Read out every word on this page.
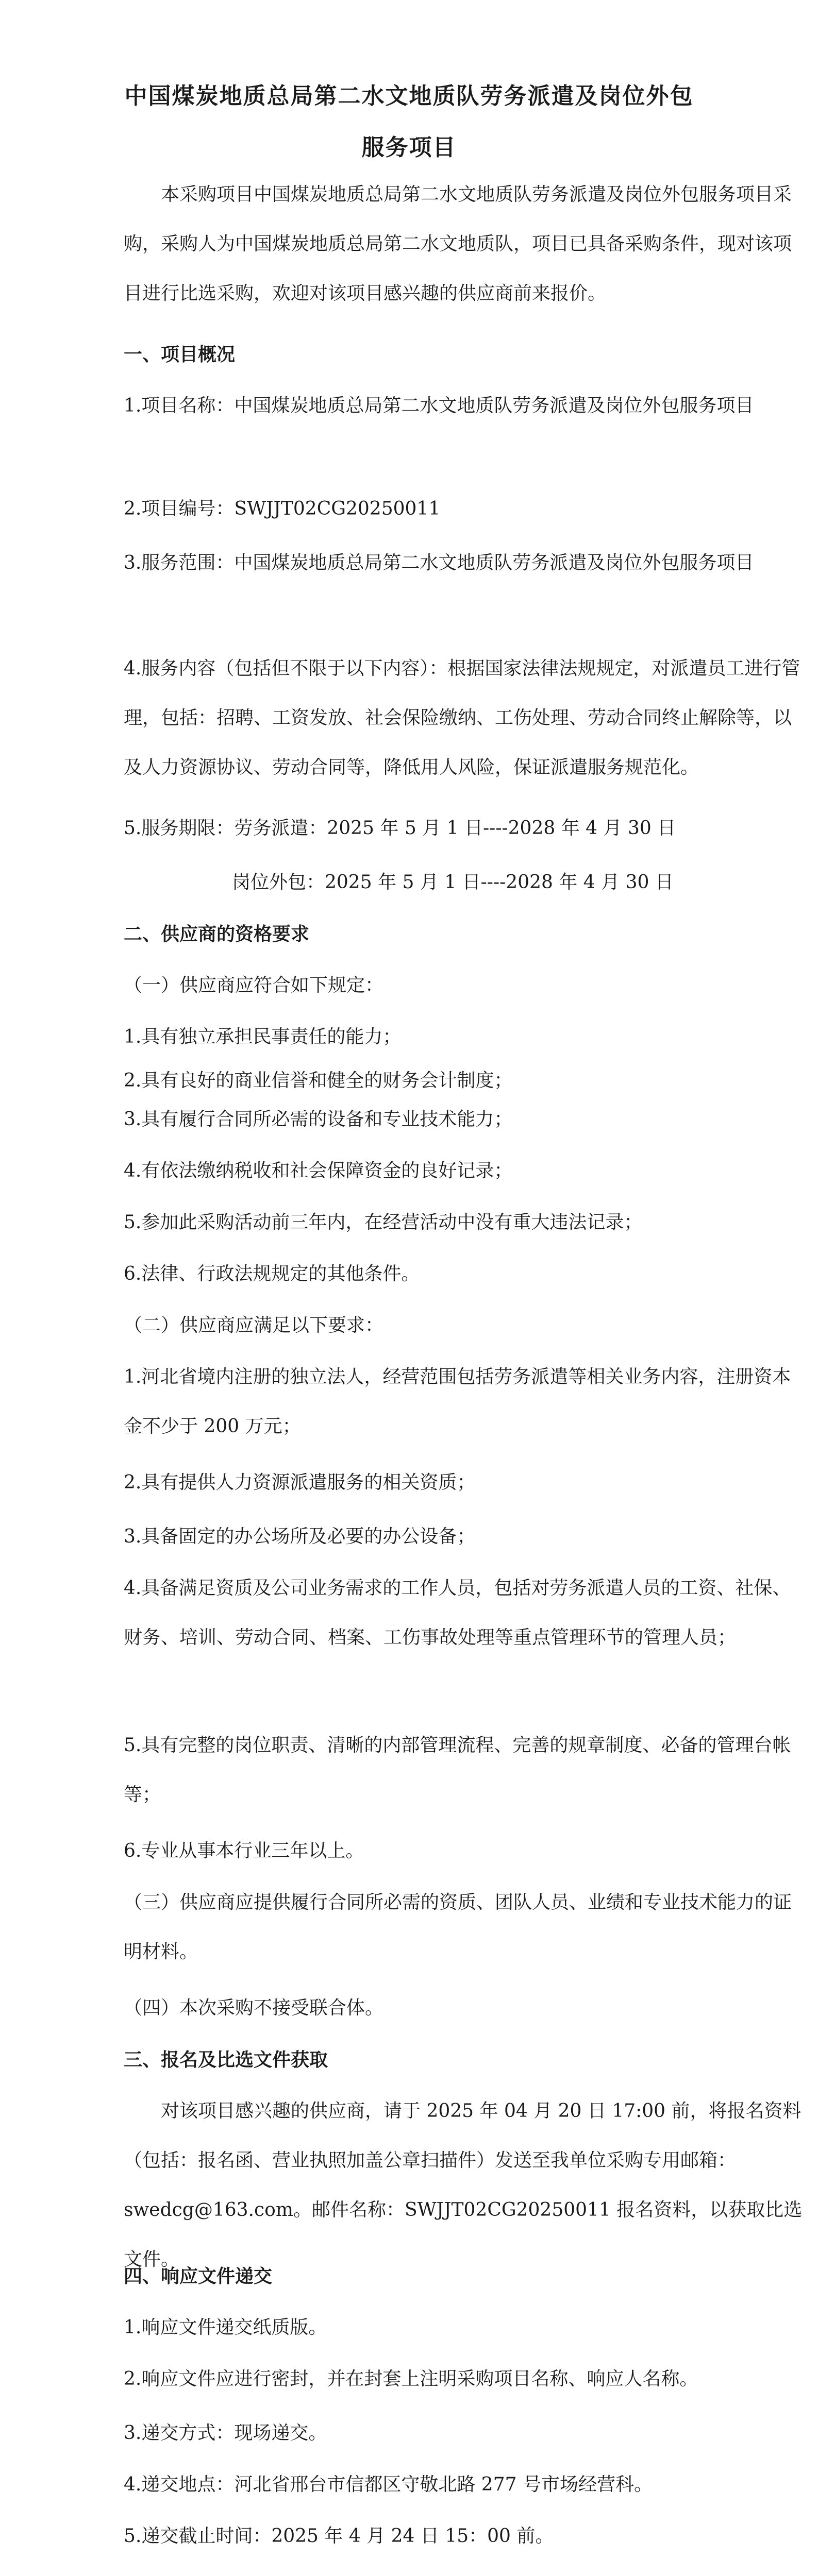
中国煤炭地质总局第二水文地质队劳务派遣及岗位外包
服务项目

本采购项目中国煤炭地质总局第二水文地质队劳务派遣及岗位外包服务项目采购，采购人为中国煤炭地质总局第二水文地质队，项目已具备采购条件，现对该项目进行比选采购，欢迎对该项目感兴趣的供应商前来报价。

一、项目概况

1.项目名称：中国煤炭地质总局第二水文地质队劳务派遣及岗位外包服务项目

2.项目编号：SWJJT02CG20250011

3.服务范围：中国煤炭地质总局第二水文地质队劳务派遣及岗位外包服务项目

4.服务内容（包括但不限于以下内容）：根据国家法律法规规定，对派遣员工进行管理，包括：招聘、工资发放、社会保险缴纳、工伤处理、劳动合同终止解除等，以及人力资源协议、劳动合同等，降低用人风险，保证派遣服务规范化。

5.服务期限：劳务派遣：2025 年 5 月 1 日----2028 年 4 月 30 日

岗位外包：2025 年 5 月 1 日----2028 年 4 月 30 日

二、供应商的资格要求

（一）供应商应符合如下规定：

1.具有独立承担民事责任的能力；

2.具有良好的商业信誉和健全的财务会计制度；

3.具有履行合同所必需的设备和专业技术能力；

4.有依法缴纳税收和社会保障资金的良好记录；

5.参加此采购活动前三年内，在经营活动中没有重大违法记录；

6.法律、行政法规规定的其他条件。

（二）供应商应满足以下要求：

1.河北省境内注册的独立法人，经营范围包括劳务派遣等相关业务内容，注册资本金不少于 200 万元；

2.具有提供人力资源派遣服务的相关资质；

3.具备固定的办公场所及必要的办公设备；

4.具备满足资质及公司业务需求的工作人员，包括对劳务派遣人员的工资、社保、财务、培训、劳动合同、档案、工伤事故处理等重点管理环节的管理人员；

5.具有完整的岗位职责、清晰的内部管理流程、完善的规章制度、必备的管理台帐等；

6.专业从事本行业三年以上。

（三）供应商应提供履行合同所必需的资质、团队人员、业绩和专业技术能力的证明材料。

（四）本次采购不接受联合体。

三、报名及比选文件获取

对该项目感兴趣的供应商，请于 2025 年 04 月 20 日 17:00 前，将报名资料（包括：报名函、营业执照加盖公章扫描件）发送至我单位采购专用邮箱：swedcg@163.com。邮件名称：SWJJT02CG20250011 报名资料，以获取比选文件。

四、响应文件递交

1.响应文件递交纸质版。

2.响应文件应进行密封，并在封套上注明采购项目名称、响应人名称。

3.递交方式：现场递交。

4.递交地点：河北省邢台市信都区守敬北路 277 号市场经营科。

5.递交截止时间：2025 年 4 月 24 日 15：00 前。
